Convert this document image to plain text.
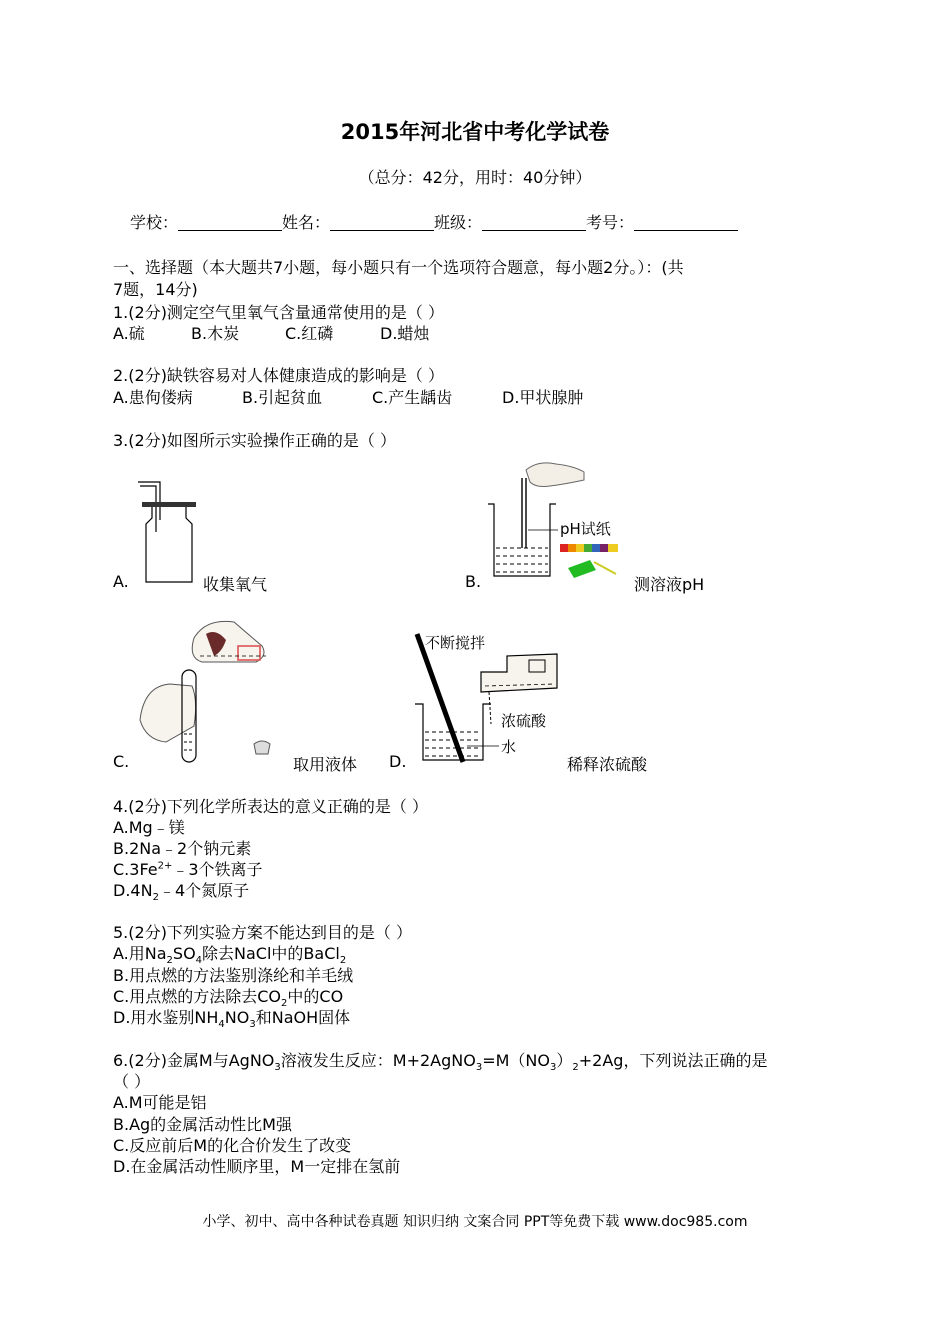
2015年河北省中考化学试卷
（总分：42分，用时：40分钟）
学校：	姓名：	班级：	考号：
一、选择题（本大题共7小题，每小题只有一个选项符合题意，每小题2分。）：(共
7题，14分)
1.(2分)测定空气里氧气含量通常使用的是（ ）
A.硫	B.木炭	C.红磷	D.蜡烛
2.(2分)缺铁容易对人体健康造成的影响是（ ）
A.患佝偻病	B.引起贫血	C.产生龋齿	D.甲状腺肿
3.(2分)如图所示实验操作正确的是（ ）
A.	收集氧气
pH试纸
B.	测溶液pH
C.	取用液体
不断搅拌
浓硫酸
水
D.	稀释浓硫酸
4.(2分)下列化学所表达的意义正确的是（ ）
A.Mg﹣镁
B.2Na﹣2个钠元素
$C.3Fe^{2+}﹣3$个铁离子
$D.4N_2﹣4$个氮原子
5.(2分)下列实验方案不能达到目的是（ ）
A.用$Na_2SO_4$除去NaCl中的BaCl$_2$
B.用点燃的方法鉴别涤纶和羊毛绒
C.用点燃的方法除去$CO_2$中的CO
D.用水鉴别$NH_4NO_3$和NaOH固体
6.(2分)金属M与AgNO$_3$溶液发生反应：$M+2AgNO_3=M(NO_3)_2+2Ag$，下列说法正确的是
（ ）
A.M可能是铝
B.Ag的金属活动性比M强
C.反应前后M的化合价发生了改变
D.在金属活动性顺序里，M一定排在氢前
小学、初中、高中各种试卷真题 知识归纳 文案合同 PPT等免费下载 www.doc985.com
